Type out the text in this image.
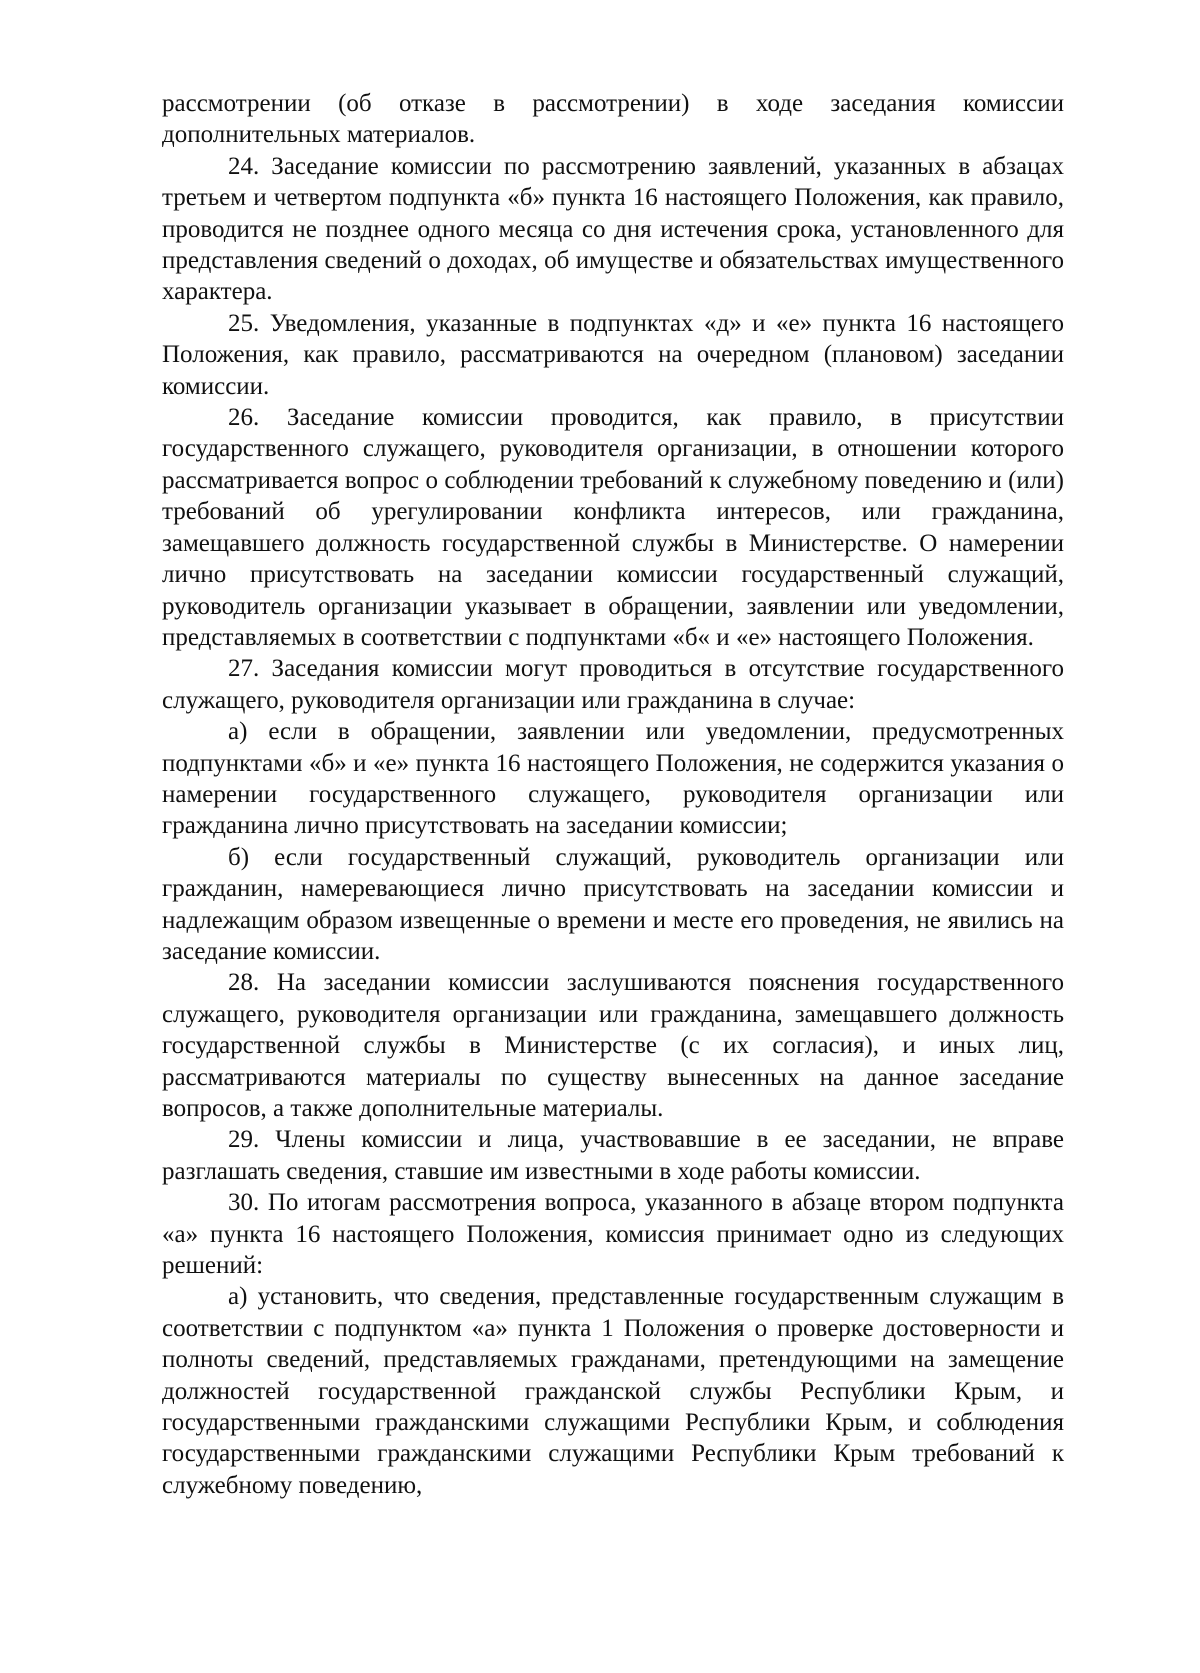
рассмотрении (об отказе в рассмотрении) в ходе заседания комиссии дополнительных материалов.

24. Заседание комиссии по рассмотрению заявлений, указанных в абзацах третьем и четвертом подпункта «б» пункта 16 настоящего Положения, как правило, проводится не позднее одного месяца со дня истечения срока, установленного для представления сведений о доходах, об имуществе и обязательствах имущественного характера.

25. Уведомления, указанные в подпунктах «д» и «е» пункта 16 настоящего Положения, как правило, рассматриваются на очередном (плановом) заседании комиссии.

26. Заседание комиссии проводится, как правило, в присутствии государственного служащего, руководителя организации, в отношении которого рассматривается вопрос о соблюдении требований к служебному поведению и (или) требований об урегулировании конфликта интересов, или гражданина, замещавшего должность государственной службы в Министерстве. О намерении лично присутствовать на заседании комиссии государственный служащий, руководитель организации указывает в обращении, заявлении или уведомлении, представляемых в соответствии с подпунктами «б« и «е» настоящего Положения.

27. Заседания комиссии могут проводиться в отсутствие государственного служащего, руководителя организации или гражданина в случае:

а) если в обращении, заявлении или уведомлении, предусмотренных подпунктами «б» и «е» пункта 16 настоящего Положения, не содержится указания о намерении государственного служащего, руководителя организации или гражданина лично присутствовать на заседании комиссии;

б) если государственный служащий, руководитель организации или гражданин, намеревающиеся лично присутствовать на заседании комиссии и надлежащим образом извещенные о времени и месте его проведения, не явились на заседание комиссии.

28. На заседании комиссии заслушиваются пояснения государственного служащего, руководителя организации или гражданина, замещавшего должность государственной службы в Министерстве (с их согласия), и иных лиц, рассматриваются материалы по существу вынесенных на данное заседание вопросов, а также дополнительные материалы.

29. Члены комиссии и лица, участвовавшие в ее заседании, не вправе разглашать сведения, ставшие им известными в ходе работы комиссии.

30. По итогам рассмотрения вопроса, указанного в абзаце втором подпункта «а» пункта 16 настоящего Положения, комиссия принимает одно из следующих решений:

а) установить, что сведения, представленные государственным служащим в соответствии с подпунктом «а» пункта 1 Положения о проверке достоверности и полноты сведений, представляемых гражданами, претендующими на замещение должностей государственной гражданской службы Республики Крым, и государственными гражданскими служащими Республики Крым, и соблюдения государственными гражданскими служащими Республики Крым требований к служебному поведению,
